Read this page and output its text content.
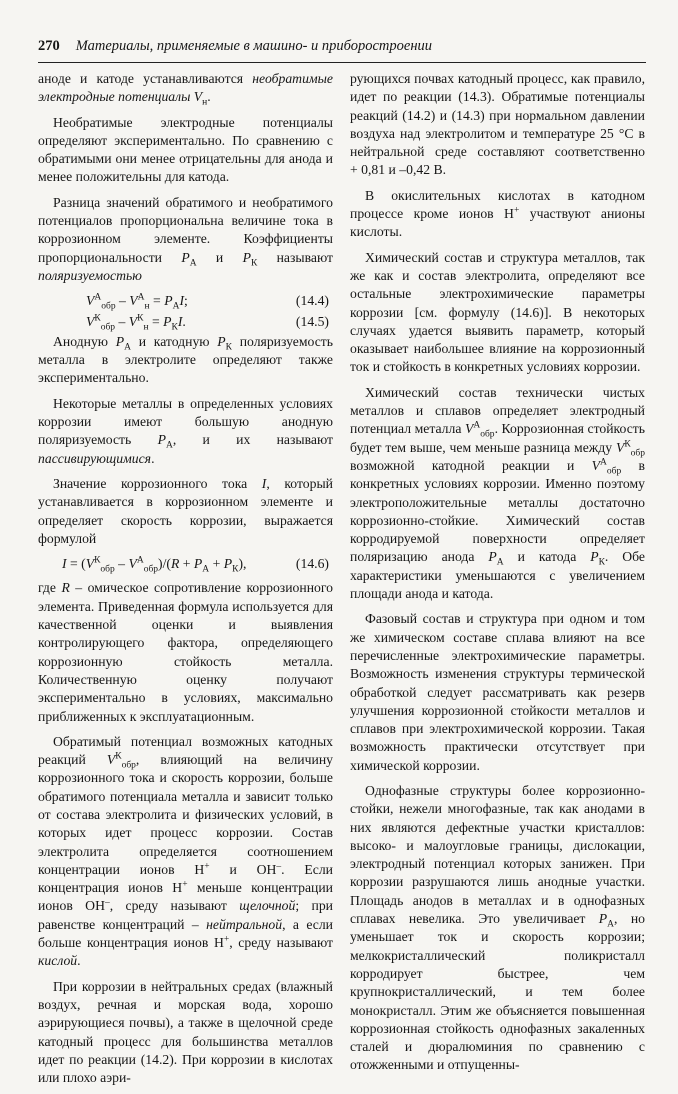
270 Материалы, применяемые в машино- и приборостроении

аноде и катоде устанавливаются необратимые электродные потенциалы $V_н$.

Необратимые электродные потенциалы определяют экспериментально. По сравнению с обратимыми они менее отрицательны для анода и менее положительны для катода.

Разница значений обратимого и необратимого потенциалов пропорциональна величине тока в коррозионном элементе. Коэффициенты пропорциональности $P_А$ и $P_К$ называют поляризуемостью

$V^А_{обр} - V^А_н = P_АI$;	(14.4)
$V^К_{обр} - V^К_н = P_КI$.	(14.5)

Анодную $P_А$ и катодную $P_К$ поляризуемость металла в электролите определяют также экспериментально.

Некоторые металлы в определенных условиях коррозии имеют большую анодную поляризуемость $P_А$, и их называют пассивирующимися.

Значение коррозионного тока I, который устанавливается в коррозионном элементе и определяет скорость коррозии, выражается формулой

$I = (V^К_{обр} - V^А_{обр})/(R + P_А + P_К)$,	(14.6)

где R – омическое сопротивление коррозионного элемента. Приведенная формула используется для качественной оценки и выявления контролирующего фактора, определяющего коррозионную стойкость металла. Количественную оценку получают экспериментально в условиях, максимально приближенных к эксплуатационным.

Обратимый потенциал возможных катодных реакций $V^К_{обр}$, влияющий на величину коррозионного тока и скорость коррозии, больше обратимого потенциала металла и зависит только от состава электролита и физических условий, в которых идет процесс коррозии. Состав электролита определяется соотношением концентрации ионов H+ и OH–. Если концентрация ионов H+ меньше концентрации ионов OH–, среду называют щелочной; при равенстве концентраций – нейтральной, а если больше концентрация ионов H+, среду называют кислой.

При коррозии в нейтральных средах (влажный воздух, речная и морская вода, хорошо аэрирующиеся почвы), а также в щелочной среде катодный процесс для большинства металлов идет по реакции (14.2). При коррозии в кислотах или плохо аэри-

рующихся почвах катодный процесс, как правило, идет по реакции (14.3). Обратимые потенциалы реакций (14.2) и (14.3) при нормальном давлении воздуха над электролитом и температуре 25 °C в нейтральной среде составляют соответственно + 0,81 и –0,42 В.

В окислительных кислотах в катодном процессе кроме ионов H+ участвуют анионы кислоты.

Химический состав и структура металлов, так же как и состав электролита, определяют все остальные электрохимические параметры коррозии [см. формулу (14.6)]. В некоторых случаях удается выявить параметр, который оказывает наибольшее влияние на коррозионный ток и стойкость в конкретных условиях коррозии.

Химический состав технически чистых металлов и сплавов определяет электродный потенциал металла $V^А_{обр}$. Коррозионная стойкость будет тем выше, чем меньше разница между $V^К_{обр}$ возможной катодной реакции и $V^А_{обр}$ в конкретных условиях коррозии. Именно поэтому электроположительные металлы достаточно коррозионно-стойкие. Химический состав корродируемой поверхности определяет поляризацию анода $P_А$ и катода $P_К$. Обе характеристики уменьшаются с увеличением площади анода и катода.

Фазовый состав и структура при одном и том же химическом составе сплава влияют на все перечисленные электрохимические параметры. Возможность изменения структуры термической обработкой следует рассматривать как резерв улучшения коррозионной стойкости металлов и сплавов при электрохимической коррозии. Такая возможность практически отсутствует при химической коррозии.

Однофазные структуры более коррозионно-стойки, нежели многофазные, так как анодами в них являются дефектные участки кристаллов: высоко- и малоугловые границы, дислокации, электродный потенциал которых занижен. При коррозии разрушаются лишь анодные участки. Площадь анодов в металлах и в однофазных сплавах невелика. Это увеличивает $P_А$, но уменьшает ток и скорость коррозии; мелкокристаллический поликристалл корродирует быстрее, чем крупнокристаллический, и тем более монокристалл. Этим же объясняется повышенная коррозионная стойкость однофазных закаленных сталей и дюралюминия по сравнению с отожженными и отпущенны-
